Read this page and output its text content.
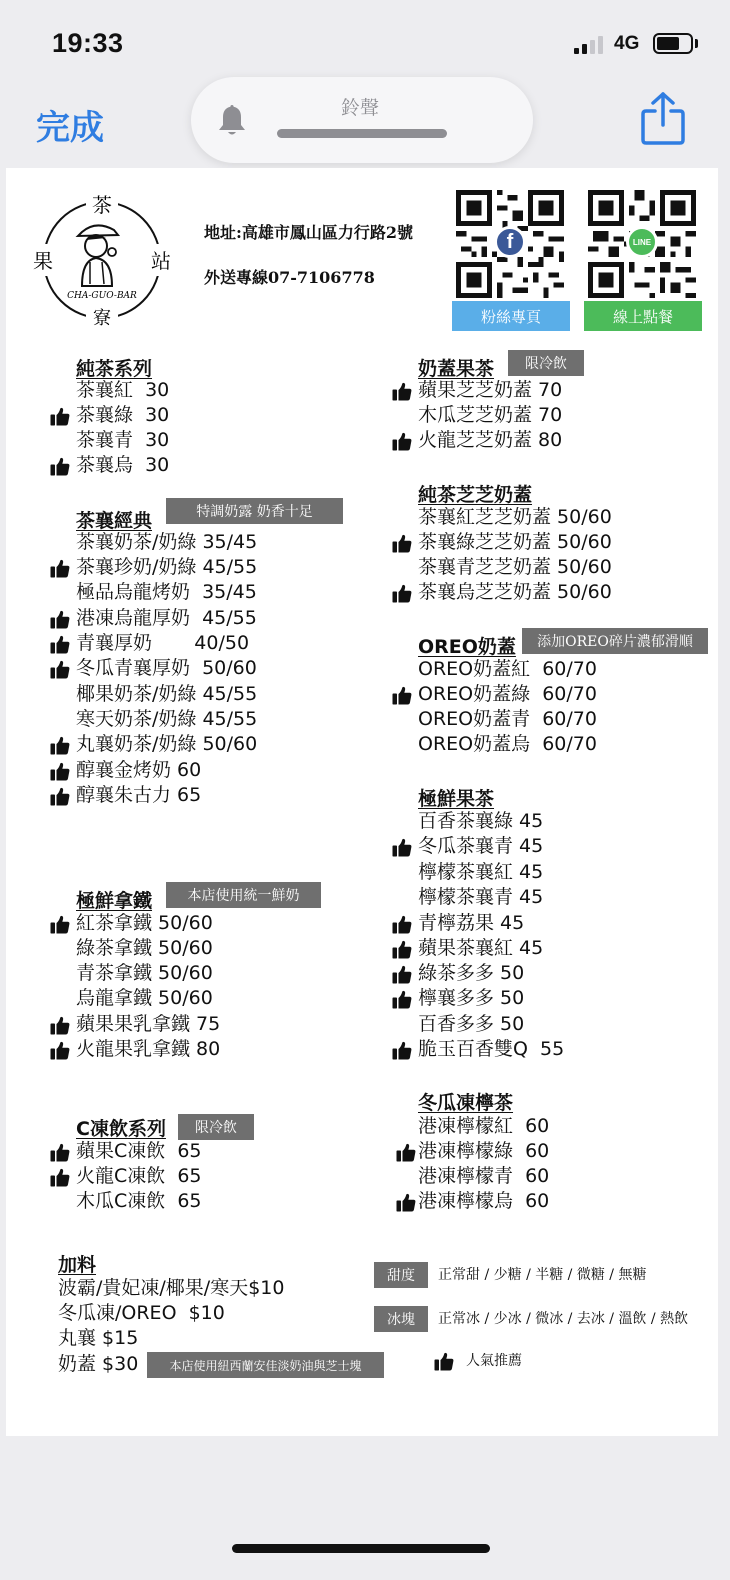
19:33	4G
完成	鈴聲
茶
果	站
寮
CHA-GUO-BAR
地址:高雄市鳳山區力行路2號
外送專線07-7106778
f	LINE
粉絲專頁	線上點餐
純茶系列
茶襄紅  30
茶襄綠  30
茶襄青  30
茶襄烏  30
茶襄經典	特調奶露 奶香十足
茶襄奶茶/奶綠 35/45
茶襄珍奶/奶綠 45/55
極品烏龍烤奶  35/45
港凍烏龍厚奶  45/55
青襄厚奶       40/50
冬瓜青襄厚奶  50/60
椰果奶茶/奶綠 45/55
寒天奶茶/奶綠 45/55
丸襄奶茶/奶綠 50/60
醇襄金烤奶 60
醇襄朱古力 65
極鮮拿鐵	本店使用統一鮮奶
紅茶拿鐵 50/60
綠茶拿鐵 50/60
青茶拿鐵 50/60
烏龍拿鐵 50/60
蘋果果乳拿鐵 75
火龍果乳拿鐵 80
C凍飲系列	限冷飲
蘋果C凍飲  65
火龍C凍飲  65
木瓜C凍飲  65
奶蓋果茶	限冷飲
蘋果芝芝奶蓋 70
木瓜芝芝奶蓋 70
火龍芝芝奶蓋 80
純茶芝芝奶蓋
茶襄紅芝芝奶蓋 50/60
茶襄綠芝芝奶蓋 50/60
茶襄青芝芝奶蓋 50/60
茶襄烏芝芝奶蓋 50/60
OREO奶蓋	添加OREO碎片濃郁滑順
OREO奶蓋紅  60/70
OREO奶蓋綠  60/70
OREO奶蓋青  60/70
OREO奶蓋烏  60/70
極鮮果茶
百香茶襄綠 45
冬瓜茶襄青 45
檸檬茶襄紅 45
檸檬茶襄青 45
青檸荔果 45
蘋果茶襄紅 45
綠茶多多 50
檸襄多多 50
百香多多 50
脆玉百香雙Q  55
冬瓜凍檸茶
港凍檸檬紅  60
港凍檸檬綠  60
港凍檸檬青  60
港凍檸檬烏  60
加料
波霸/貴妃凍/椰果/寒天$10
冬瓜凍/OREO  $10
丸襄 $15
奶蓋 $30	本店使用紐西蘭安佳淡奶油與芝士塊
甜度	正常甜 / 少糖 / 半糖 / 微糖 / 無糖
冰塊	正常冰 / 少冰 / 微冰 / 去冰 / 溫飲 / 熱飲
人氣推薦
